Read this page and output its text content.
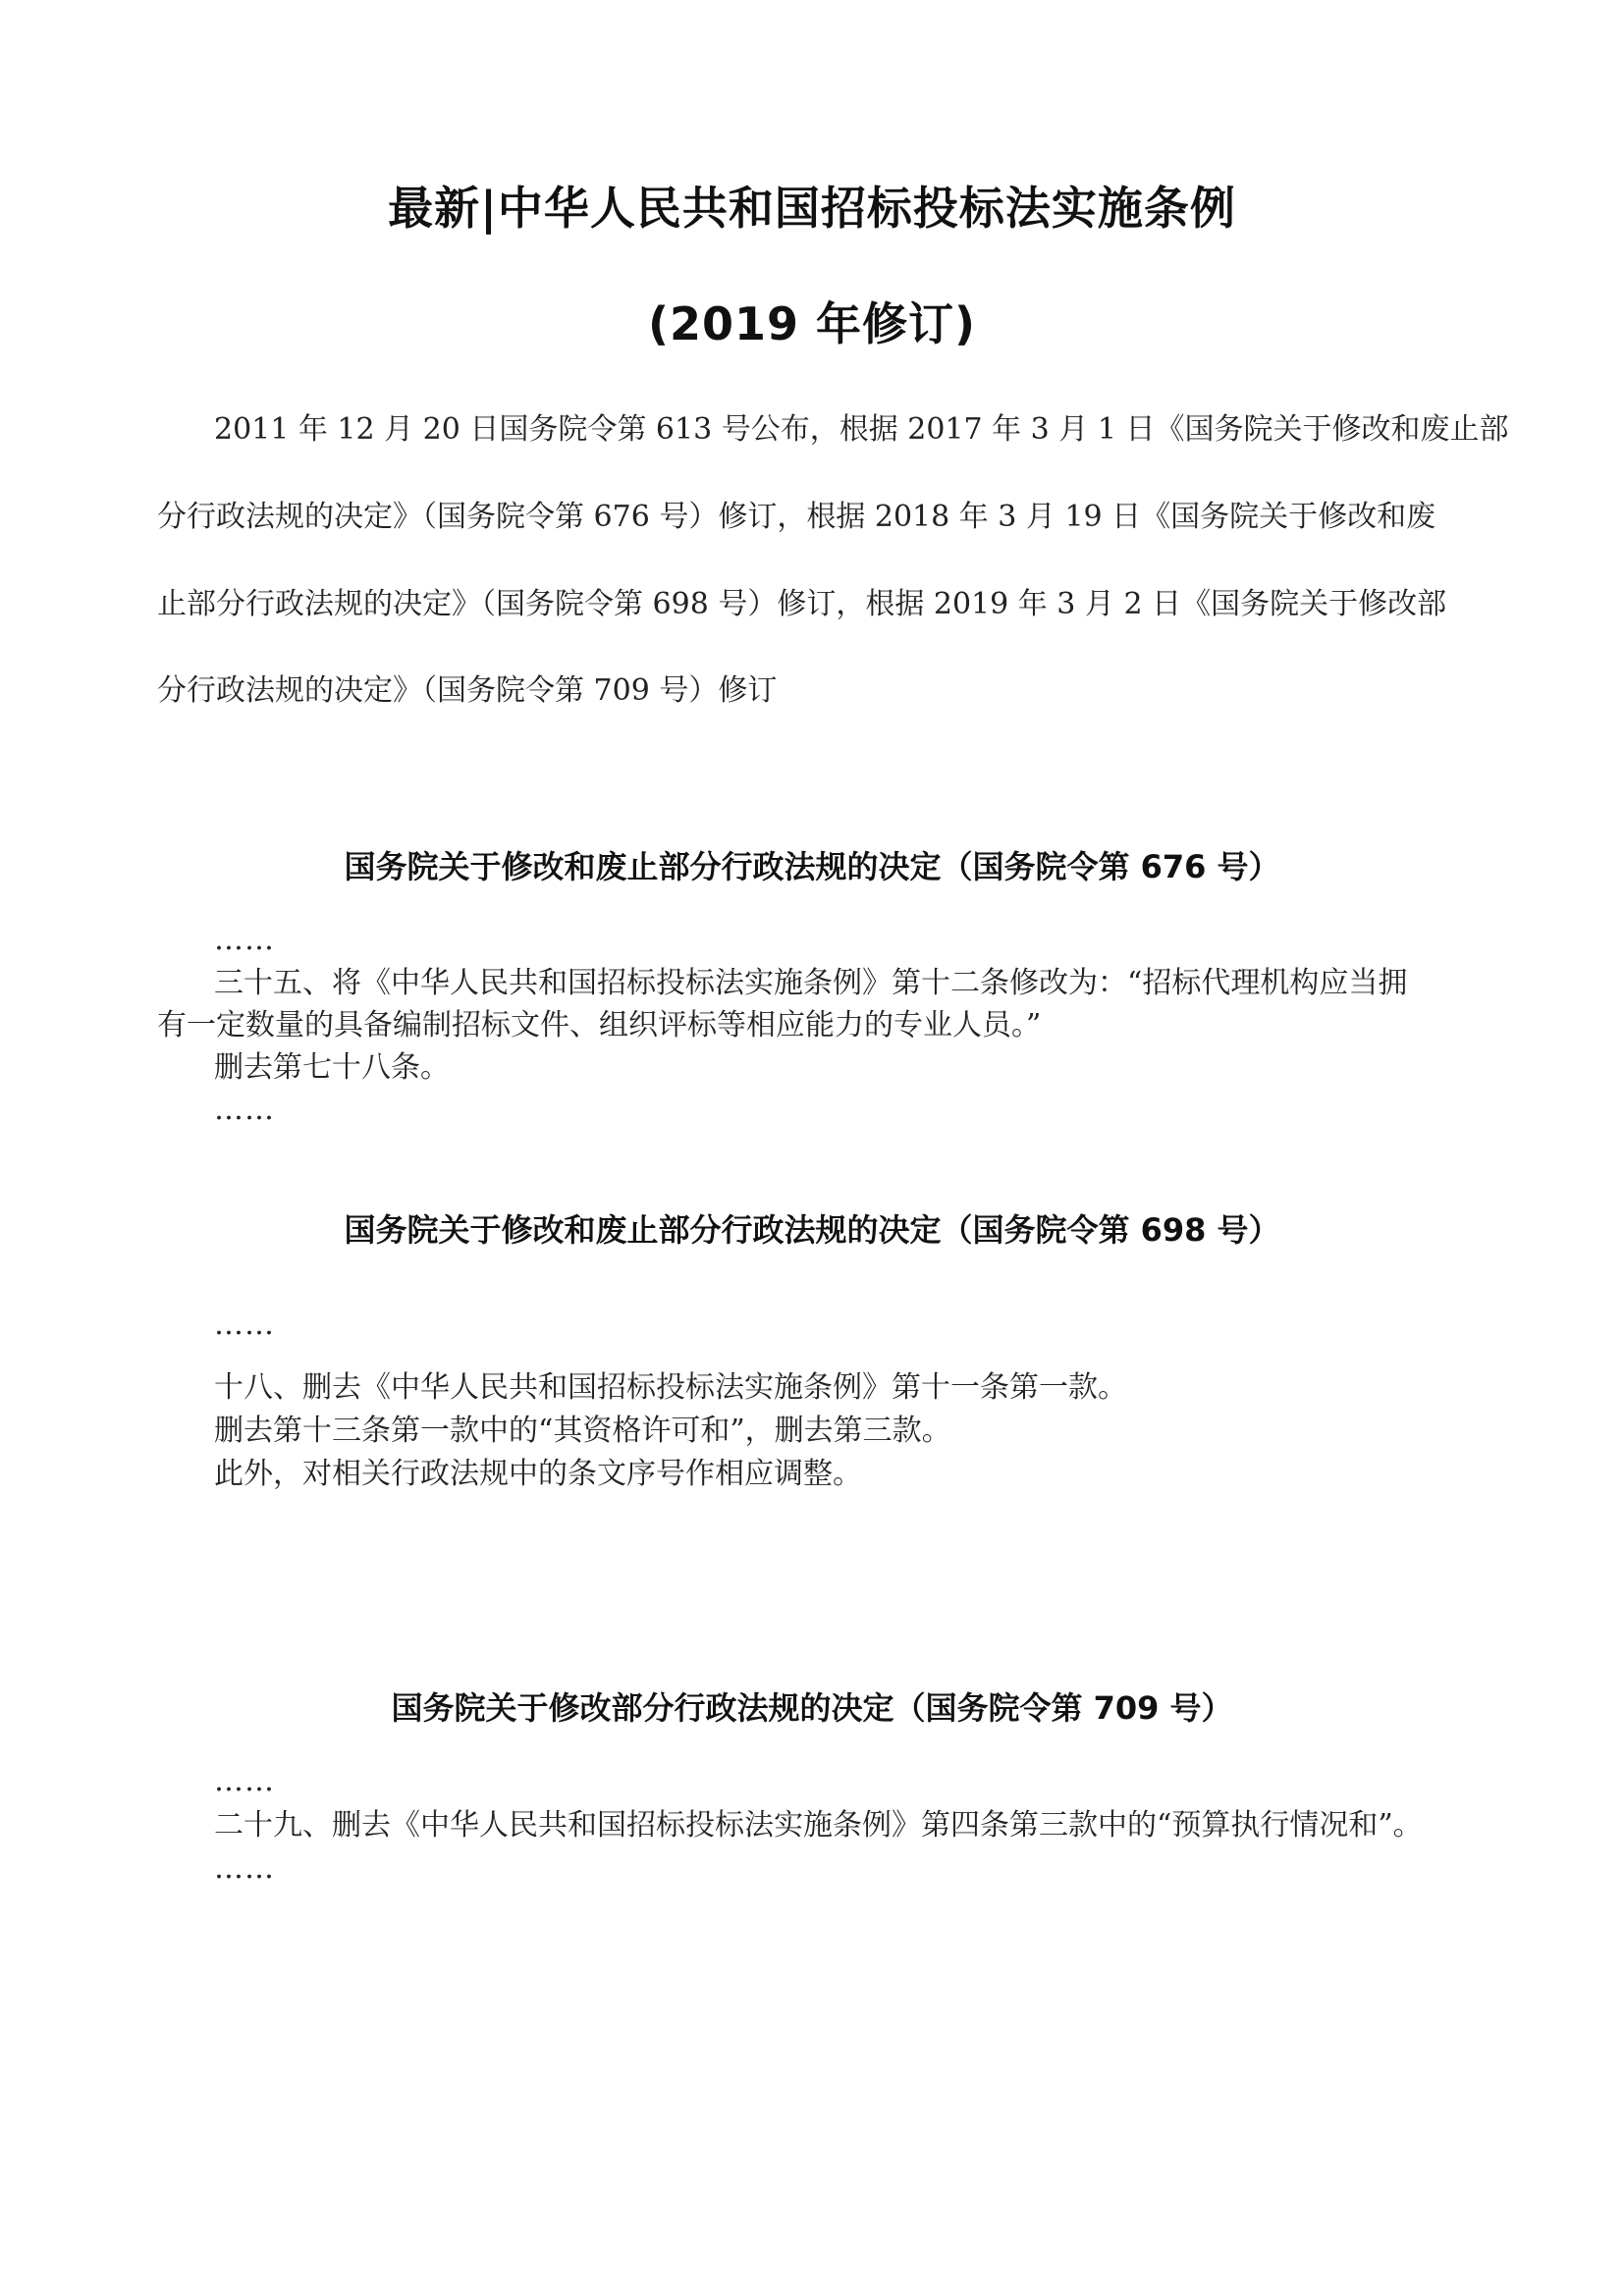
最新|中华人民共和国招标投标法实施条例
(2019 年修订)
2011 年 12 月 20 日国务院令第 613 号公布，根据 2017 年 3 月 1 日《国务院关于修改和废止部
分行政法规的决定》（国务院令第 676 号）修订，根据 2018 年 3 月 19 日《国务院关于修改和废
止部分行政法规的决定》（国务院令第 698 号）修订，根据 2019 年 3 月 2 日《国务院关于修改部
分行政法规的决定》（国务院令第 709 号）修订
国务院关于修改和废止部分行政法规的决定（国务院令第 676 号）
……
三十五、将《中华人民共和国招标投标法实施条例》第十二条修改为：“招标代理机构应当拥
有一定数量的具备编制招标文件、组织评标等相应能力的专业人员。”
删去第七十八条。
……
国务院关于修改和废止部分行政法规的决定（国务院令第 698 号）
……
十八、删去《中华人民共和国招标投标法实施条例》第十一条第一款。
删去第十三条第一款中的“其资格许可和”，删去第三款。
此外，对相关行政法规中的条文序号作相应调整。
国务院关于修改部分行政法规的决定（国务院令第 709 号）
……
二十九、删去《中华人民共和国招标投标法实施条例》第四条第三款中的“预算执行情况和”。
……
